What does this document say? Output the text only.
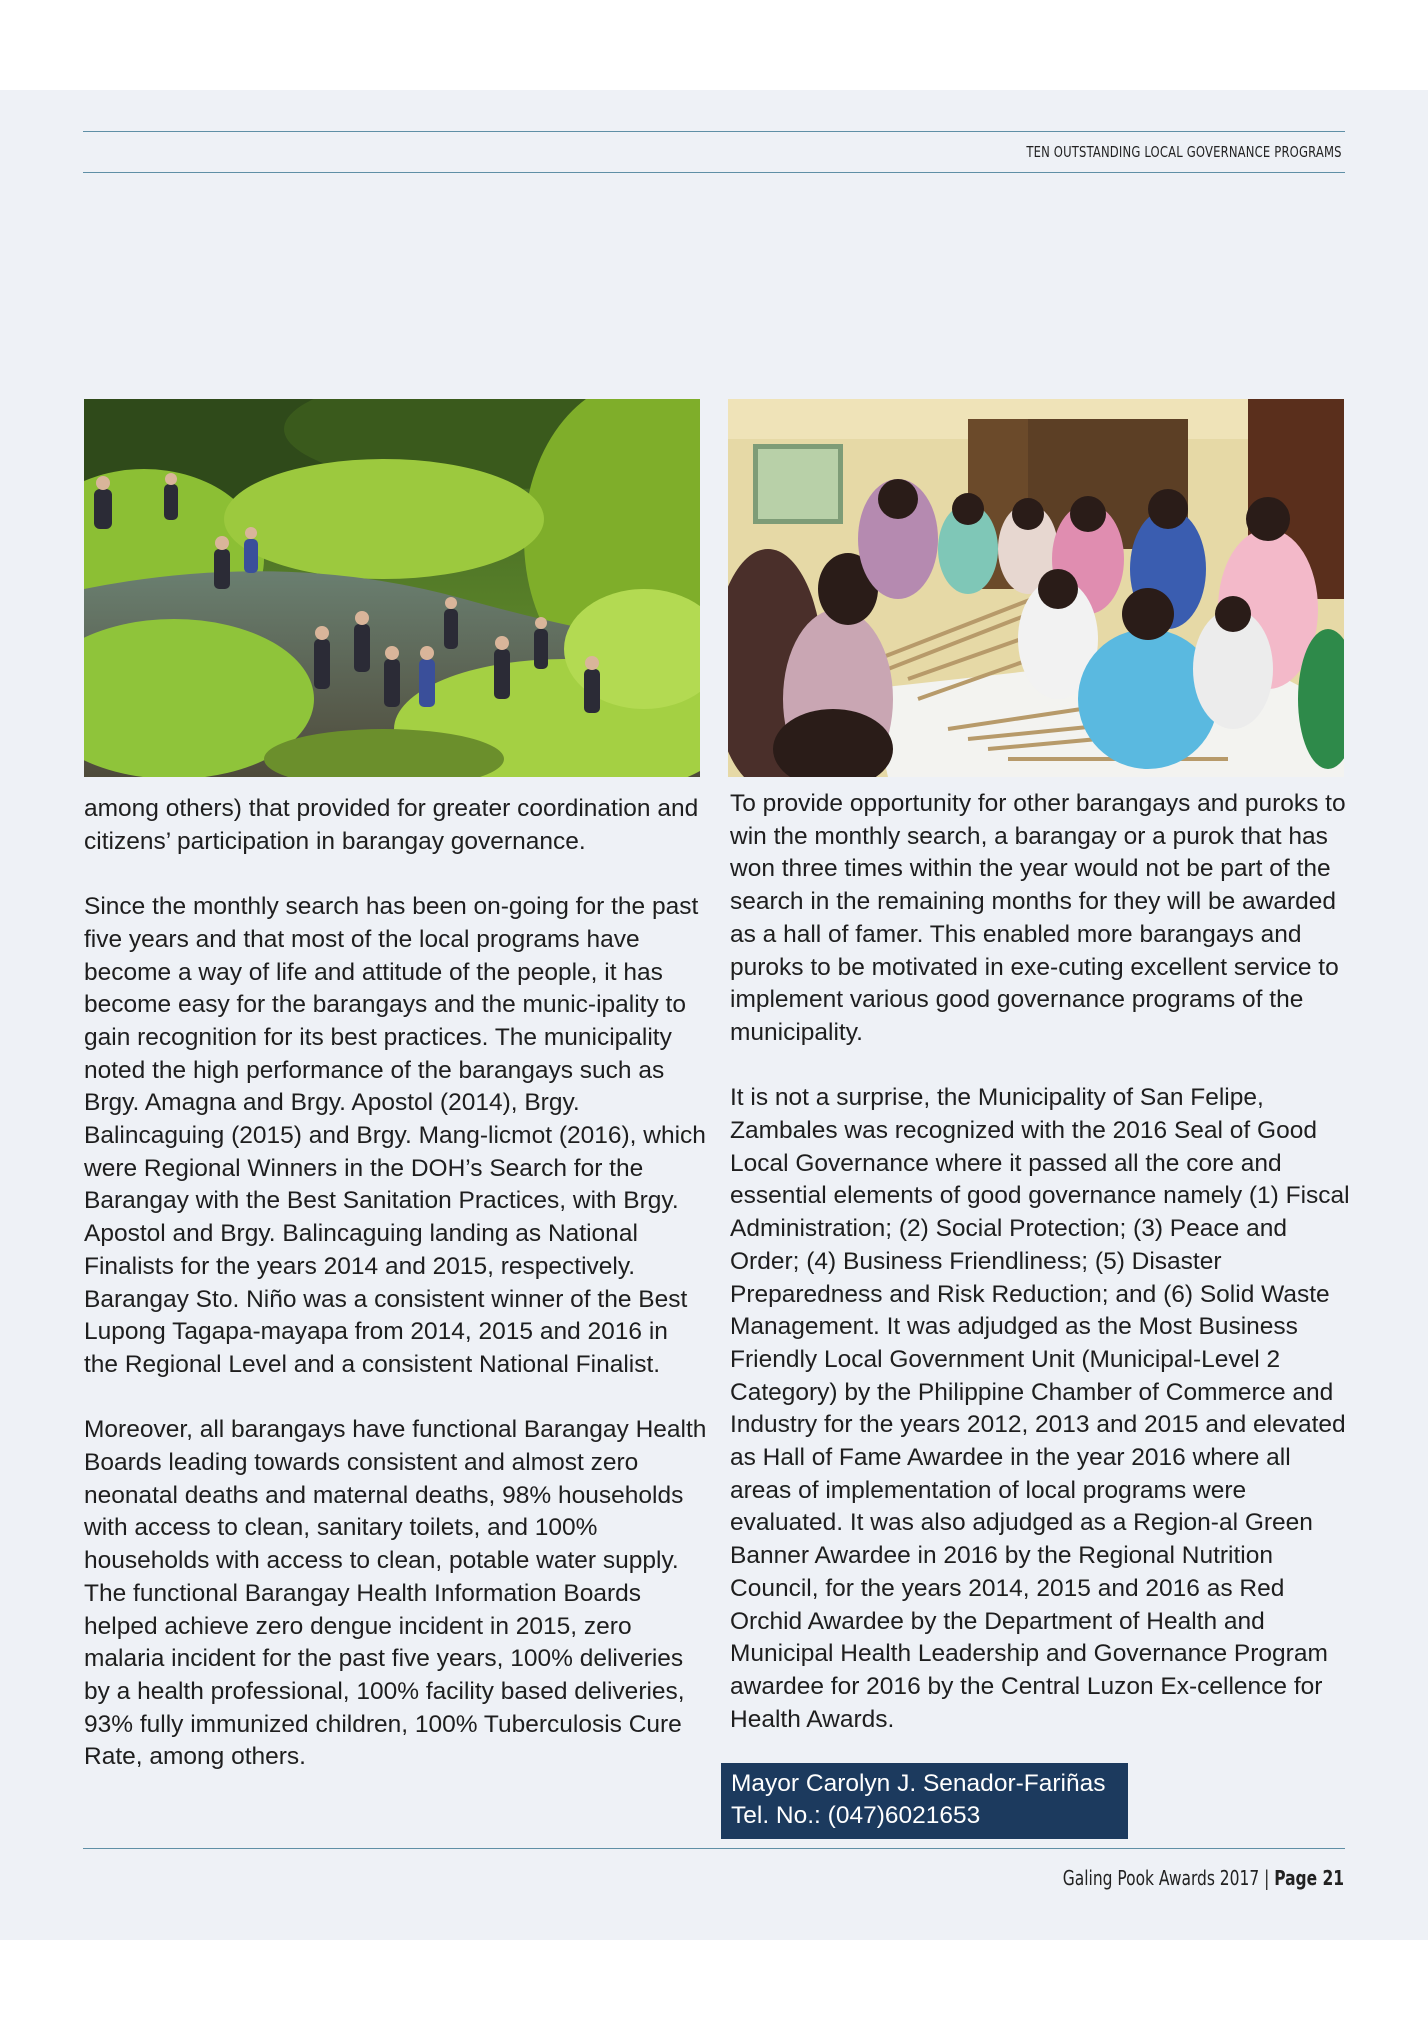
TEN OUTSTANDING LOCAL GOVERNANCE PROGRAMS

among others) that provided for greater coordination and citizens’ participation in barangay governance.

Since the monthly search has been on-going for the past five years and that most of the local programs have become a way of life and attitude of the people, it has become easy for the barangays and the munic-ipality to gain recognition for its best practices. The municipality noted the high performance of the barangays such as Brgy. Amagna and Brgy. Apostol (2014), Brgy. Balincaguing (2015) and Brgy. Mang-licmot (2016), which were Regional Winners in the DOH’s Search for the Barangay with the Best Sanitation Practices, with Brgy. Apostol and Brgy. Balincaguing landing as National Finalists for the years 2014 and 2015, respectively. Barangay Sto. Niño was a consistent winner of the Best Lupong Tagapa-mayapa from 2014, 2015 and 2016 in the Regional Level and a consistent National Finalist.

Moreover, all barangays have functional Barangay Health Boards leading towards consistent and almost zero neonatal deaths and maternal deaths, 98% households with access to clean, sanitary toilets, and 100% households with access to clean, potable water supply. The functional Barangay Health Information Boards helped achieve zero dengue incident in 2015, zero malaria incident for the past five years, 100% deliveries by a health professional, 100% facility based deliveries, 93% fully immunized children, 100% Tuberculosis Cure Rate, among others.

To provide opportunity for other barangays and puroks to win the monthly search, a barangay or a purok that has won three times within the year would not be part of the search in the remaining months for they will be awarded as a hall of famer. This enabled more barangays and puroks to be motivated in exe-cuting excellent service to implement various good governance programs of the municipality.

It is not a surprise, the Municipality of San Felipe, Zambales was recognized with the 2016 Seal of Good Local Governance where it passed all the core and essential elements of good governance namely (1) Fiscal Administration; (2) Social Protection; (3) Peace and Order; (4) Business Friendliness; (5) Disaster Preparedness and Risk Reduction; and (6) Solid Waste Management. It was adjudged as the Most Business Friendly Local Government Unit (Municipal-Level 2 Category) by the Philippine Chamber of Commerce and Industry for the years 2012, 2013 and 2015 and elevated as Hall of Fame Awardee in the year 2016 where all areas of implementation of local programs were evaluated. It was also adjudged as a Region-al Green Banner Awardee in 2016 by the Regional Nutrition Council, for the years 2014, 2015 and 2016 as Red Orchid Awardee by the Department of Health and Municipal Health Leadership and Governance Program awardee for 2016 by the Central Luzon Ex-cellence for Health Awards.

Mayor Carolyn J. Senador-Fariñas
Tel. No.: (047)6021653
Galing Pook Awards 2017 | Page 21
